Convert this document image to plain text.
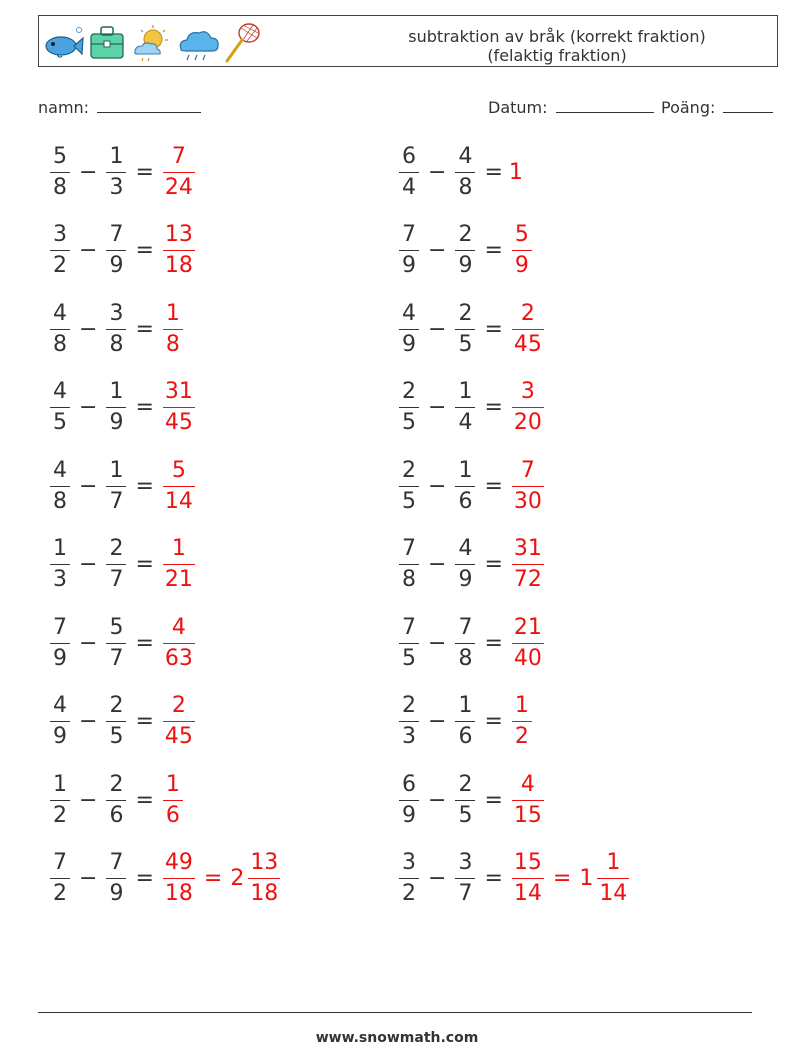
subtraktion av bråk (korrekt fraktion)
(felaktig fraktion)
namn:	Datum:	Poäng:
$\frac{5}{8} - \frac{1}{3} = \frac{7}{24}$	$\frac{6}{4} - \frac{4}{8} = 1$
$\frac{3}{2} - \frac{7}{9} = \frac{13}{18}$	$\frac{7}{9} - \frac{2}{9} = \frac{5}{9}$
$\frac{4}{8} - \frac{3}{8} = \frac{1}{8}$	$\frac{4}{9} - \frac{2}{5} = \frac{2}{45}$
$\frac{4}{5} - \frac{1}{9} = \frac{31}{45}$	$\frac{2}{5} - \frac{1}{4} = \frac{3}{20}$
$\frac{4}{8} - \frac{1}{7} = \frac{5}{14}$	$\frac{2}{5} - \frac{1}{6} = \frac{7}{30}$
$\frac{1}{3} - \frac{2}{7} = \frac{1}{21}$	$\frac{7}{8} - \frac{4}{9} = \frac{31}{72}$
$\frac{7}{9} - \frac{5}{7} = \frac{4}{63}$	$\frac{7}{5} - \frac{7}{8} = \frac{21}{40}$
$\frac{4}{9} - \frac{2}{5} = \frac{2}{45}$	$\frac{2}{3} - \frac{1}{6} = \frac{1}{2}$
$\frac{1}{2} - \frac{2}{6} = \frac{1}{6}$	$\frac{6}{9} - \frac{2}{5} = \frac{4}{15}$
$\frac{7}{2} - \frac{7}{9} = \frac{49}{18} = 2 \frac{13}{18}$	$\frac{3}{2} - \frac{3}{7} = \frac{15}{14} = 1 \frac{1}{14}$
www.snowmath.com
